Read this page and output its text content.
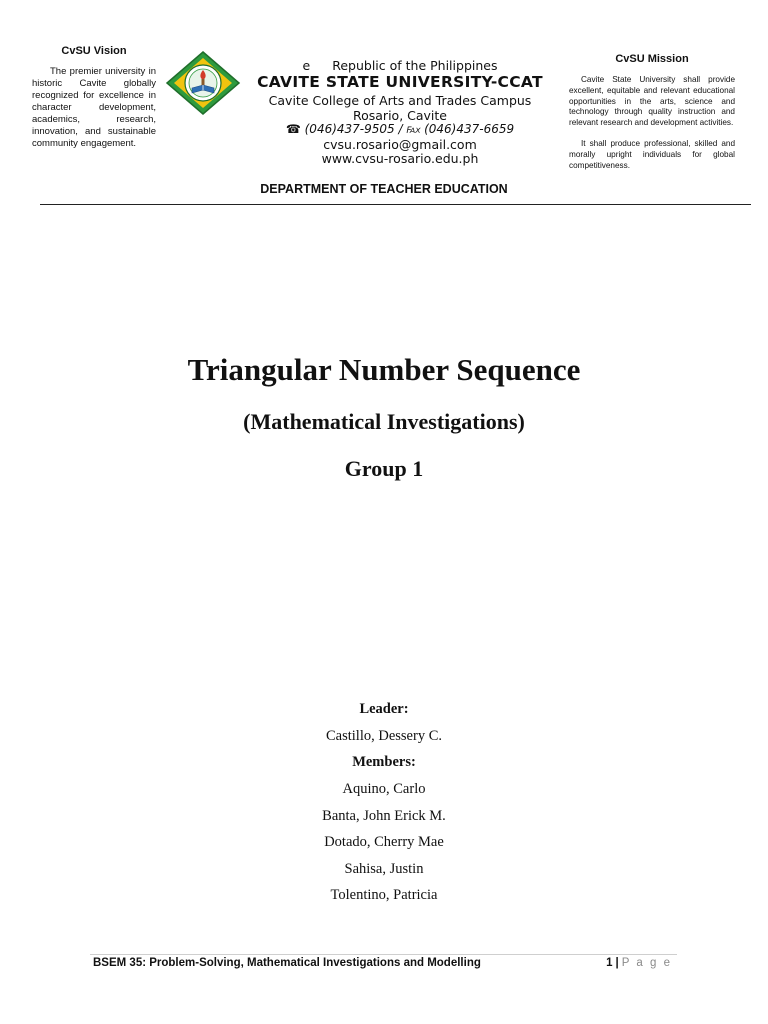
CvSU Vision
The premier university in historic Cavite globally recognized for excellence in character development, academics, research, innovation, and sustainable community engagement.
e Republic of the Philippines
CAVITE STATE UNIVERSITY-CCAT
Cavite College of Arts and Trades Campus
Rosario, Cavite
☎ (046)437-9505 / ℻ (046)437-6659
cvsu.rosario@gmail.com
www.cvsu-rosario.edu.ph
CvSU Mission

Cavite State University shall provide excellent, equitable and relevant educational opportunities in the arts, science and technology through quality instruction and relevant research and development activities.

It shall produce professional, skilled and morally upright individuals for global competitiveness.

DEPARTMENT OF TEACHER EDUCATION
Triangular Number Sequence
(Mathematical Investigations)
Group 1
Leader:
Castillo, Dessery C.
Members:
Aquino, Carlo
Banta, John Erick M.
Dotado, Cherry Mae
Sahisa, Justin
Tolentino, Patricia
BSEM 35: Problem-Solving, Mathematical Investigations and Modelling	1 | P a g e
